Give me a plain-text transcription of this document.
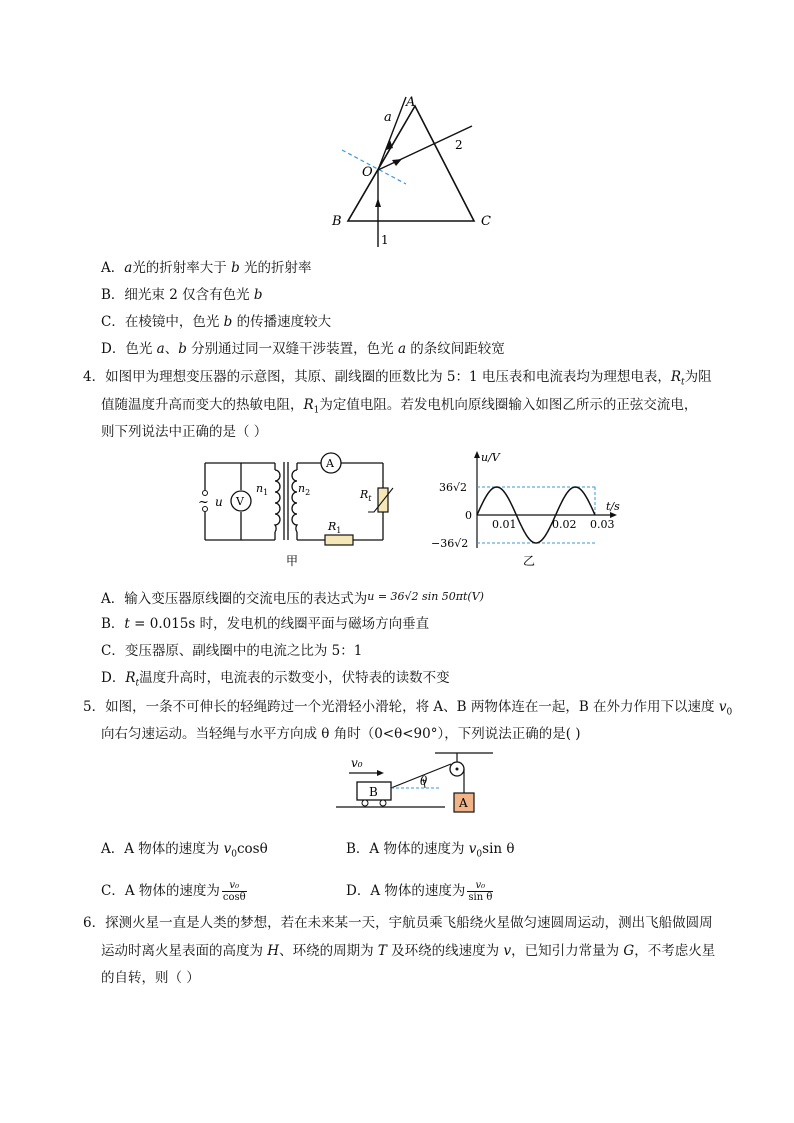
A
a
2
O
B	C
1
A．a光的折射率大于 b 光的折射率
B．细光束 2 仅含有色光 b
C．在棱镜中，色光 b 的传播速度较大
D．色光 a、b 分别通过同一双缝干涉装置，色光 a 的条纹间距较宽
4．如图甲为理想变压器的示意图，其原、副线圈的匝数比为 5：1 电压表和电流表均为理想电表，$R_t$为阻
值随温度升高而变大的热敏电阻，$R_1$为定值电阻。若发电机向原线圈输入如图乙所示的正弦交流电，
则下列说法中正确的是（ ）
~ u V
$n_1$	$n_2$
A
$R_t$
$R_1$
甲
u/V
36√2
0
−36√2
0.01	0.02 0.03
t/s
乙
A．输入变压器原线圈的交流电压的表达式为$^{u = 36√2 sin 50\pi t(V)}$
B．t = 0.015s 时，发电机的线圈平面与磁场方向垂直
C．变压器原、副线圈中的电流之比为 5：1
D．$R_t$温度升高时，电流表的示数变小，伏特表的读数不变
5．如图，一条不可伸长的轻绳跨过一个光滑轻小滑轮，将 A、B 两物体连在一起，B 在外力作用下以速度 $v_0$
向右匀速运动。当轻绳与水平方向成 θ 角时（0<θ<90°），下列说法正确的是( )
θ
B
A
v₀
A．A 物体的速度为 $v_0\cos\theta$	B．A 物体的速度为 $v_0\sin$ θ
C．A 物体的速度为 $\frac{\text{v₀}}{\cos\theta}$	D．A 物体的速度为 $\frac{\text{v₀}}{\text{sin θ}}$
6．探测火星一直是人类的梦想，若在未来某一天，宇航员乘飞船绕火星做匀速圆周运动，测出飞船做圆周
运动时离火星表面的高度为 H、环绕的周期为 T 及环绕的线速度为 v，已知引力常量为 G，不考虑火星
的自转，则（ ）
